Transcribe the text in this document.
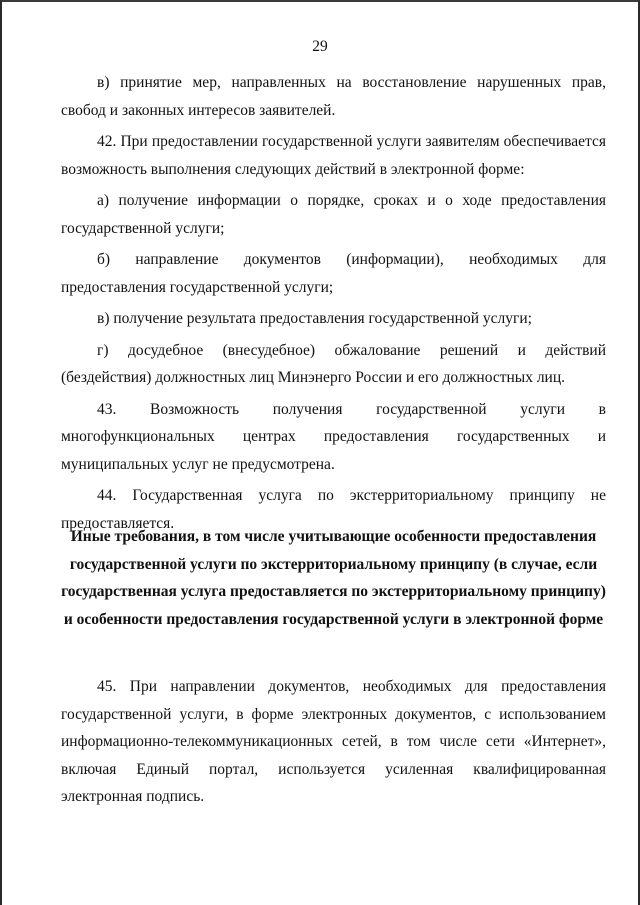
29

в) принятие мер, направленных на восстановление нарушенных прав, свобод и законных интересов заявителей.

42. При предоставлении государственной услуги заявителям обеспечивается возможность выполнения следующих действий в электронной форме:

а) получение информации о порядке, сроках и о ходе предоставления государственной услуги;

б) направление документов (информации), необходимых для предоставления государственной услуги;

в) получение результата предоставления государственной услуги;

г) досудебное (внесудебное) обжалование решений и действий (бездействия) должностных лиц Минэнерго России и его должностных лиц.

43. Возможность получения государственной услуги в многофункциональных центрах предоставления государственных и муниципальных услуг не предусмотрена.

44. Государственная услуга по экстерриториальному принципу не предоставляется.

Иные требования, в том числе учитывающие особенности предоставления государственной услуги по экстерриториальному принципу (в случае, если государственная услуга предоставляется по экстерриториальному принципу) и особенности предоставления государственной услуги в электронной форме

45. При направлении документов, необходимых для предоставления государственной услуги, в форме электронных документов, с использованием информационно-телекоммуникационных сетей, в том числе сети «Интернет», включая Единый портал, используется усиленная квалифицированная электронная подпись.
